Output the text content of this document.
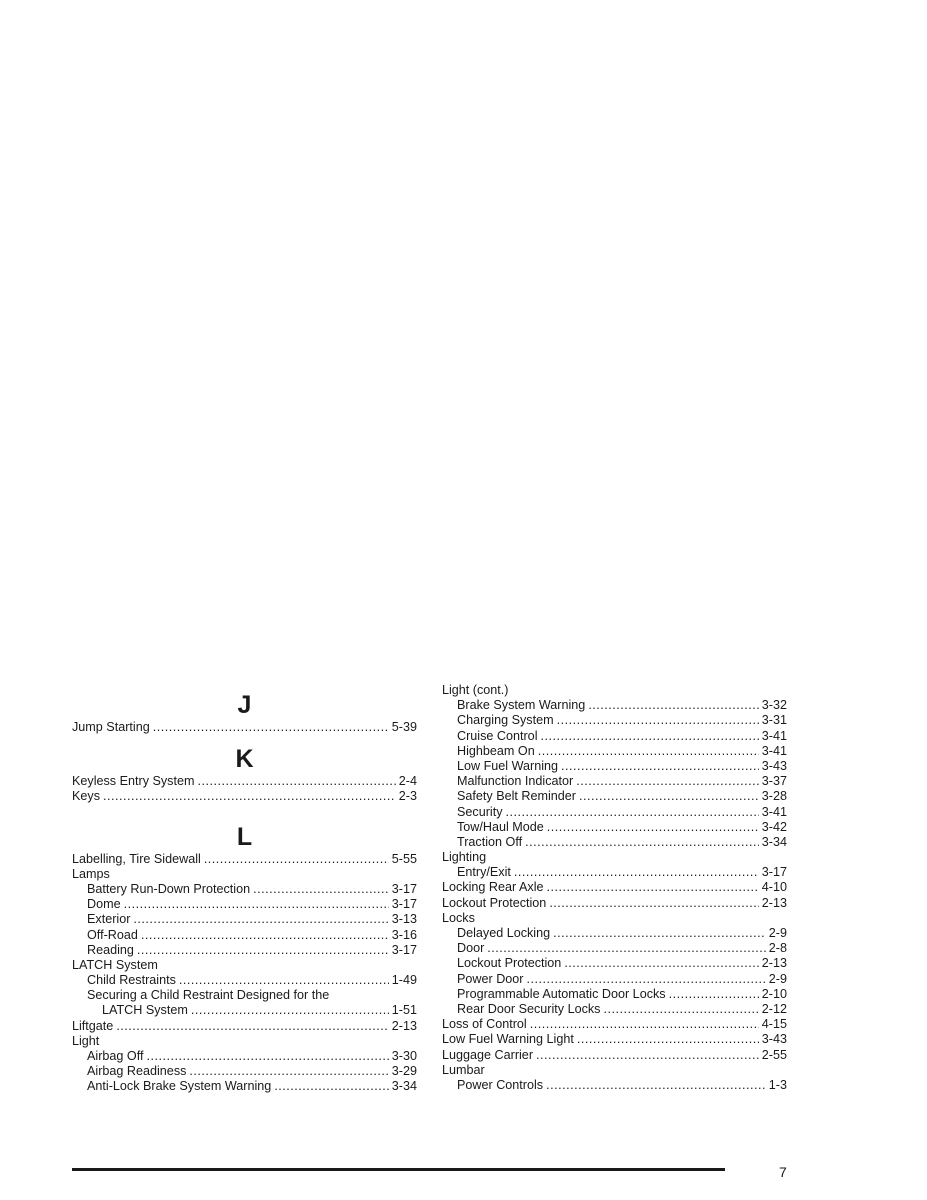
J
Jump Starting .....	5-39
K
Keyless Entry System .....	2-4
Keys .....	2-3
L
Labelling, Tire Sidewall .....	5-55
Lamps
Battery Run-Down Protection .....	3-17
Dome .....	3-17
Exterior .....	3-13
Off-Road .....	3-16
Reading .....	3-17
LATCH System
Child Restraints .....	1-49
Securing a Child Restraint Designed for the
LATCH System .....	1-51
Liftgate .....	2-13
Light
Airbag Off .....	3-30
Airbag Readiness .....	3-29
Anti-Lock Brake System Warning .....	3-34
Light (cont.)
Brake System Warning .....	3-32
Charging System .....	3-31
Cruise Control .....	3-41
Highbeam On .....	3-41
Low Fuel Warning .....	3-43
Malfunction Indicator .....	3-37
Safety Belt Reminder .....	3-28
Security .....	3-41
Tow/Haul Mode .....	3-42
Traction Off .....	3-34
Lighting
Entry/Exit .....	3-17
Locking Rear Axle .....	4-10
Lockout Protection .....	2-13
Locks
Delayed Locking .....	2-9
Door .....	2-8
Lockout Protection .....	2-13
Power Door .....	2-9
Programmable Automatic Door Locks .....	2-10
Rear Door Security Locks .....	2-12
Loss of Control .....	4-15
Low Fuel Warning Light .....	3-43
Luggage Carrier .....	2-55
Lumbar
Power Controls .....	1-3
7
